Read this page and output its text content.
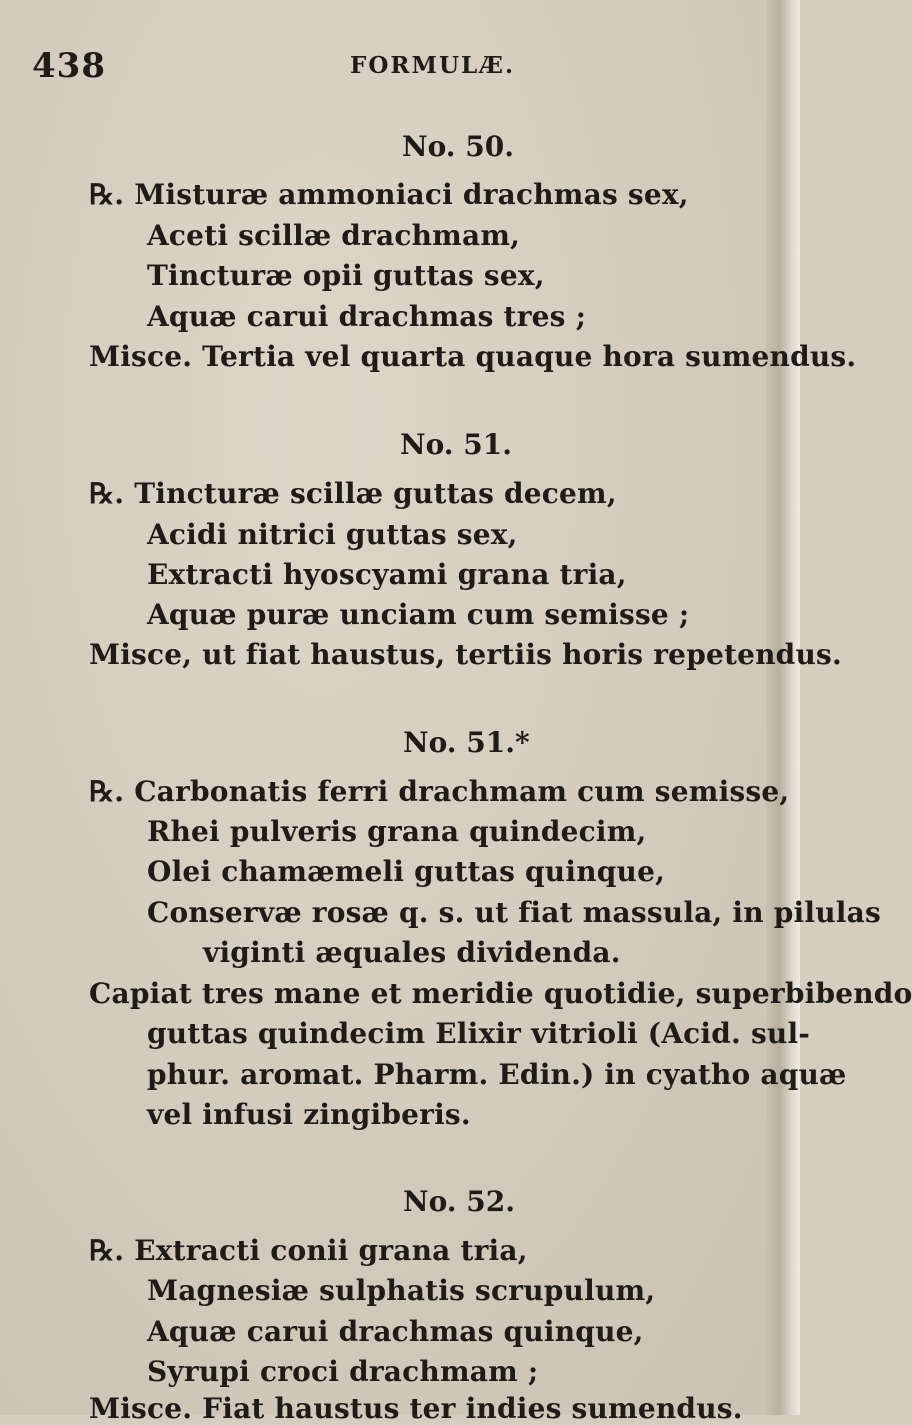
438	FORMULÆ.
No. 50.
℞. Misturæ ammoniaci drachmas sex,
Aceti scillæ drachmam,
Tincturæ opii guttas sex,
Aquæ carui drachmas tres ;
Misce. Tertia vel quarta quaque hora sumendus.
No. 51.
℞. Tincturæ scillæ guttas decem,
Acidi nitrici guttas sex,
Extracti hyoscyami grana tria,
Aquæ puræ unciam cum semisse ;
Misce, ut fiat haustus, tertiis horis repetendus.
No. 51.*
℞. Carbonatis ferri drachmam cum semisse,
Rhei pulveris grana quindecim,
Olei chamæmeli guttas quinque,
Conservæ rosæ q. s. ut fiat massula, in pilulas
viginti æquales dividenda.
Capiat tres mane et meridie quotidie, superbibendo
guttas quindecim Elixir vitrioli (Acid. sul-
phur. aromat. Pharm. Edin.) in cyatho aquæ
vel infusi zingiberis.
No. 52.
℞. Extracti conii grana tria,
Magnesiæ sulphatis scrupulum,
Aquæ carui drachmas quinque,
Syrupi croci drachmam ;
Misce. Fiat haustus ter indies sumendus.
